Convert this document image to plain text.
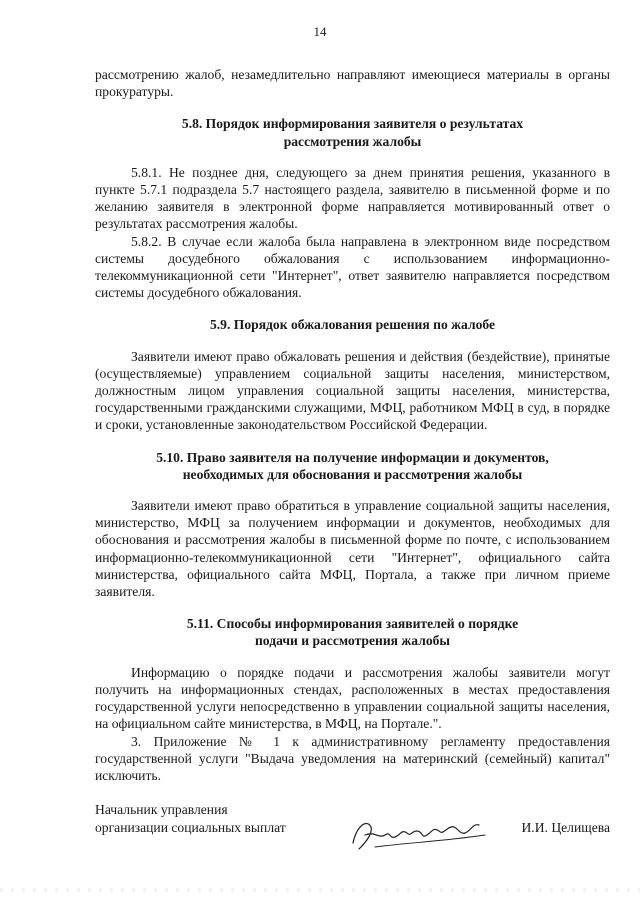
14

рассмотрению жалоб, незамедлительно направляют имеющиеся материалы в органы прокуратуры.

5.8. Порядок информирования заявителя о результатах

рассмотрения жалобы

5.8.1. Не позднее дня, следующего за днем принятия решения, указанного в пункте 5.7.1 подраздела 5.7 настоящего раздела, заявителю в письменной форме и по желанию заявителя в электронной форме направляется мотивированный ответ о результатах рассмотрения жалобы.

5.8.2. В случае если жалоба была направлена в электронном виде посредством системы досудебного обжалования с использованием информационно-телекоммуникационной сети "Интернет", ответ заявителю направляется посредством системы досудебного обжалования.

5.9. Порядок обжалования решения по жалобе

Заявители имеют право обжаловать решения и действия (бездействие), принятые (осуществляемые) управлением социальной защиты населения, министерством, должностным лицом управления социальной защиты населения, министерства, государственными гражданскими служащими, МФЦ, работником МФЦ в суд, в порядке и сроки, установленные законодательством Российской Федерации.

5.10. Право заявителя на получение информации и документов,

необходимых для обоснования и рассмотрения жалобы

Заявители имеют право обратиться в управление социальной защиты населения, министерство, МФЦ за получением информации и документов, необходимых для обоснования и рассмотрения жалобы в письменной форме по почте, с использованием информационно-телекоммуникационной сети "Интернет", официального сайта министерства, официального сайта МФЦ, Портала, а также при личном приеме заявителя.

5.11. Способы информирования заявителей о порядке

подачи и рассмотрения жалобы

Информацию о порядке подачи и рассмотрения жалобы заявители могут получить на информационных стендах, расположенных в местах предоставления государственной услуги непосредственно в управлении социальной защиты населения, на официальном сайте министерства, в МФЦ, на Портале.".

3. Приложение № 1 к административному регламенту предоставления государственной услуги "Выдача уведомления на материнский (семейный) капитал" исключить.

Начальник управления

организации социальных выплат	И.И. Целищева
